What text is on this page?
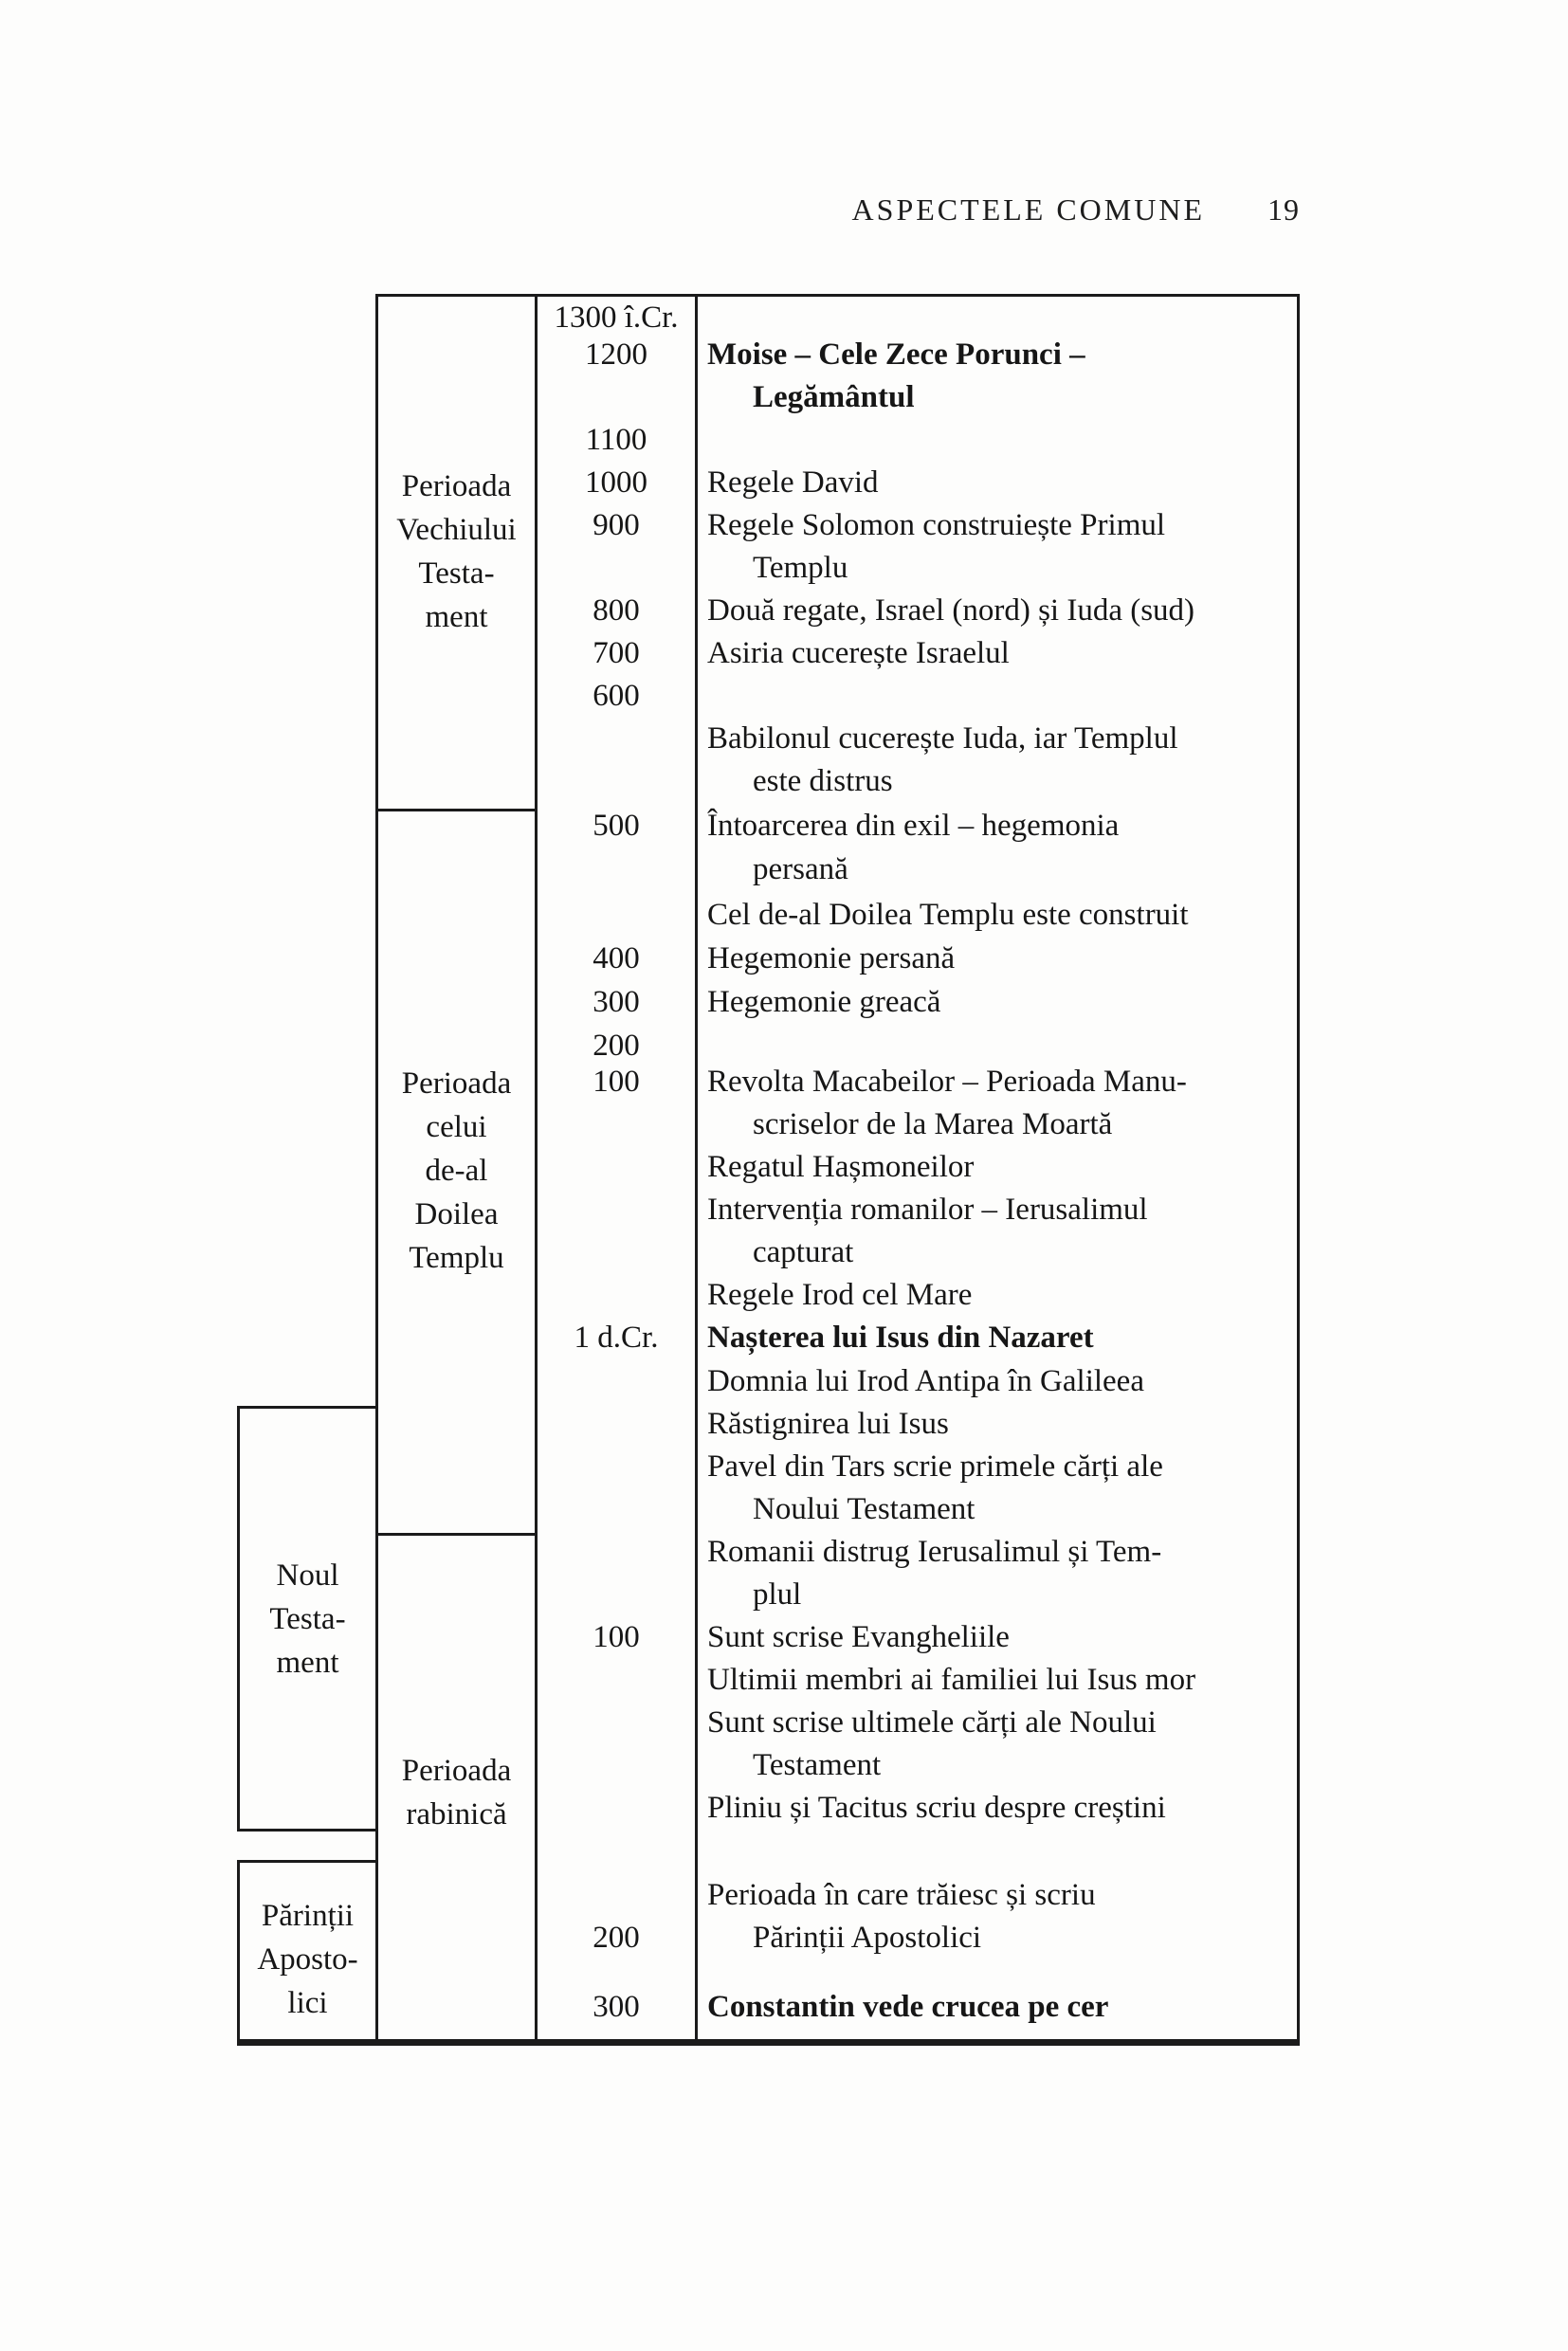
ASPECTELE COMUNE 19
Noul
Testa-
ment
Părinții
Aposto-
lici
Perioada
Vechiului
Testa-
ment
Perioada
celui
de-al
Doilea
Templu
Perioada
rabinică
1300 î.Cr.
1200
1100
1000
900
800
700
600
500
400
300
200
100
1 d.Cr.
100
200
300
Moise – Cele Zece Porunci –
Legământul
Regele David
Regele Solomon construiește Primul
Templu
Două regate, Israel (nord) și Iuda (sud)
Asiria cucerește Israelul
Babilonul cucerește Iuda, iar Templul
este distrus
Întoarcerea din exil – hegemonia
persană
Cel de-al Doilea Templu este construit
Hegemonie persană
Hegemonie greacă
Revolta Macabeilor – Perioada Manu-
scriselor de la Marea Moartă
Regatul Hașmoneilor
Intervenția romanilor – Ierusalimul
capturat
Regele Irod cel Mare
Nașterea lui Isus din Nazaret
Domnia lui Irod Antipa în Galileea
Răstignirea lui Isus
Pavel din Tars scrie primele cărți ale
Noului Testament
Romanii distrug Ierusalimul și Tem-
plul
Sunt scrise Evangheliile
Ultimii membri ai familiei lui Isus mor
Sunt scrise ultimele cărți ale Noului
Testament
Pliniu și Tacitus scriu despre creștini
Perioada în care trăiesc și scriu
Părinții Apostolici
Constantin vede crucea pe cer
